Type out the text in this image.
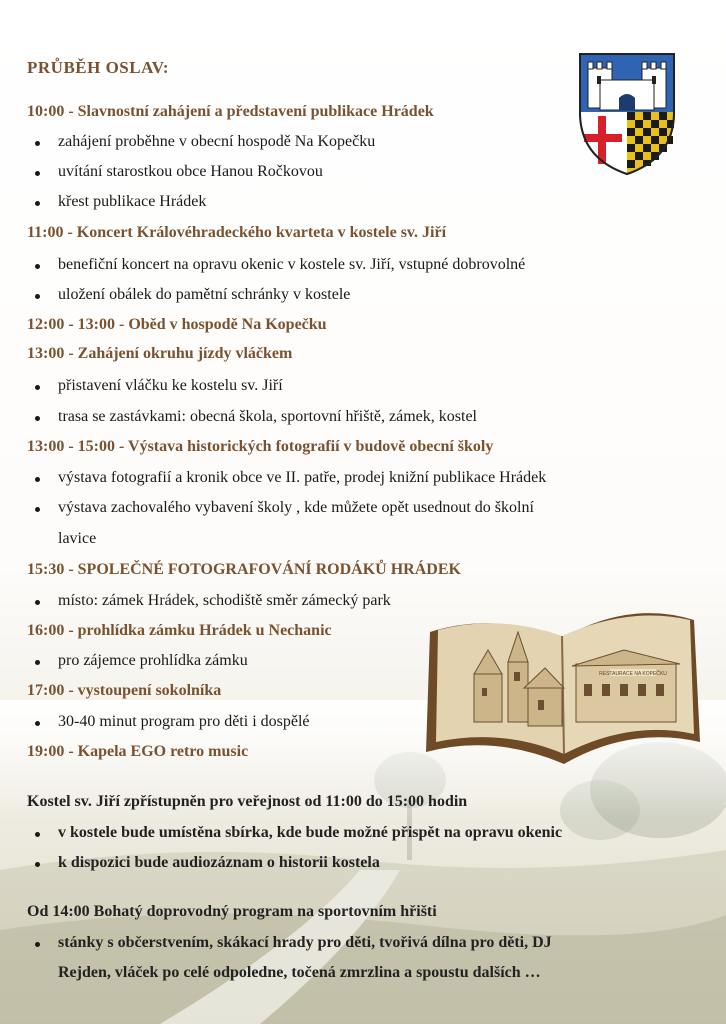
RESTAURACE NA KOPEČKU
PRŮBĚH OSLAV:
10:00 - Slavnostní zahájení a představení publikace Hrádek
zahájení proběhne v obecní hospodě Na Kopečku
uvítání starostkou obce Hanou Ročkovou
křest publikace Hrádek
11:00 - Koncert Královéhradeckého kvarteta v kostele sv. Jiří
benefiční koncert na opravu okenic v kostele sv. Jiří, vstupné dobrovolné
uložení obálek do pamětní schránky v kostele
12:00 - 13:00 - Oběd v hospodě Na Kopečku
13:00 - Zahájení okruhu jízdy vláčkem
přistavení vláčku ke kostelu sv. Jiří
trasa se zastávkami: obecná škola, sportovní hřiště, zámek, kostel
13:00 - 15:00 - Výstava historických fotografií v budově obecní školy
výstava fotografií a kronik obce ve II. patře, prodej knižní publikace Hrádek
výstava zachovalého vybavení školy , kde můžete opět usednout do školní
lavice
15:30 - SPOLEČNÉ FOTOGRAFOVÁNÍ RODÁKŮ HRÁDEK
místo: zámek Hrádek, schodiště směr zámecký park
16:00 - prohlídka zámku Hrádek u Nechanic
pro zájemce prohlídka zámku
17:00 - vystoupení sokolníka
30-40 minut program pro děti i dospělé
19:00 - Kapela EGO retro music
Kostel sv. Jiří zpřístupněn pro veřejnost od 11:00 do 15:00 hodin
v kostele bude umístěna sbírka, kde bude možné přispět na opravu okenic
k dispozici bude audiozáznam o historii kostela
Od 14:00 Bohatý doprovodný program na sportovním hřišti
stánky s občerstvením, skákací hrady pro děti, tvořivá dílna pro děti, DJ
Rejden, vláček po celé odpoledne, točená zmrzlina a spoustu dalších …
